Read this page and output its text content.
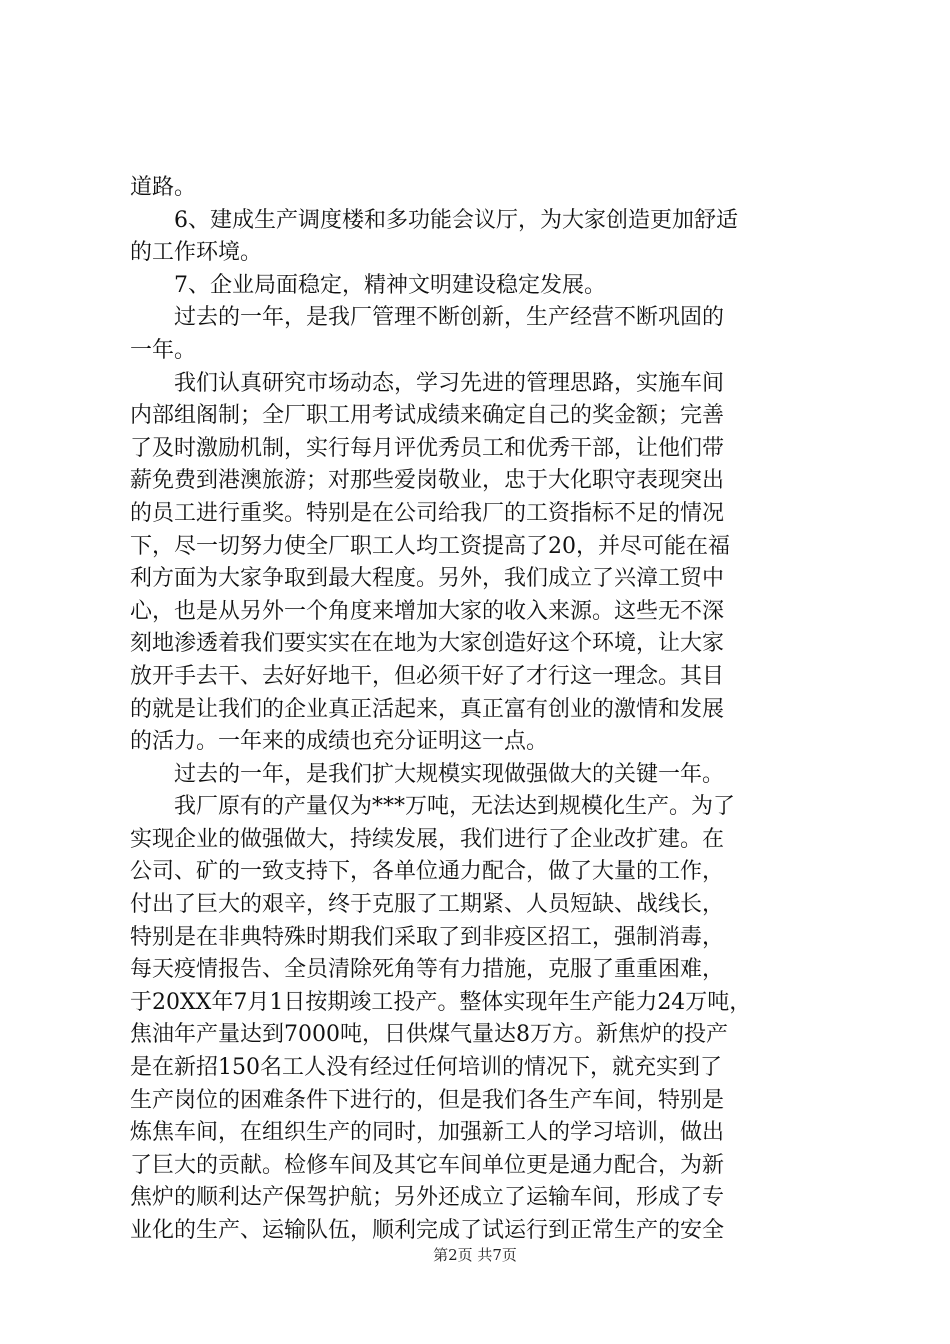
道路。
6、建成生产调度楼和多功能会议厅，为大家创造更加舒适
的工作环境。
7、企业局面稳定，精神文明建设稳定发展。
过去的一年，是我厂管理不断创新，生产经营不断巩固的
一年。
我们认真研究市场动态，学习先进的管理思路，实施车间
内部组阁制；全厂职工用考试成绩来确定自己的奖金额；完善
了及时激励机制，实行每月评优秀员工和优秀干部，让他们带
薪免费到港澳旅游；对那些爱岗敬业，忠于大化职守表现突出
的员工进行重奖。特别是在公司给我厂的工资指标不足的情况
下，尽一切努力使全厂职工人均工资提高了20，并尽可能在福
利方面为大家争取到最大程度。另外，我们成立了兴漳工贸中
心，也是从另外一个角度来增加大家的收入来源。这些无不深
刻地渗透着我们要实实在在地为大家创造好这个环境，让大家
放开手去干、去好好地干，但必须干好了才行这一理念。其目
的就是让我们的企业真正活起来，真正富有创业的激情和发展
的活力。一年来的成绩也充分证明这一点。
过去的一年，是我们扩大规模实现做强做大的关键一年。
我厂原有的产量仅为***万吨，无法达到规模化生产。为了
实现企业的做强做大，持续发展，我们进行了企业改扩建。在
公司、矿的一致支持下，各单位通力配合，做了大量的工作，
付出了巨大的艰辛，终于克服了工期紧、人员短缺、战线长，
特别是在非典特殊时期我们采取了到非疫区招工，强制消毒，
每天疫情报告、全员清除死角等有力措施，克服了重重困难，
于20XX年7月1日按期竣工投产。整体实现年生产能力24万吨，
焦油年产量达到7000吨，日供煤气量达8万方。新焦炉的投产
是在新招150名工人没有经过任何培训的情况下，就充实到了
生产岗位的困难条件下进行的，但是我们各生产车间，特别是
炼焦车间，在组织生产的同时，加强新工人的学习培训，做出
了巨大的贡献。检修车间及其它车间单位更是通力配合，为新
焦炉的顺利达产保驾护航；另外还成立了运输车间，形成了专
业化的生产、运输队伍，顺利完成了试运行到正常生产的安全
第2页 共7页
